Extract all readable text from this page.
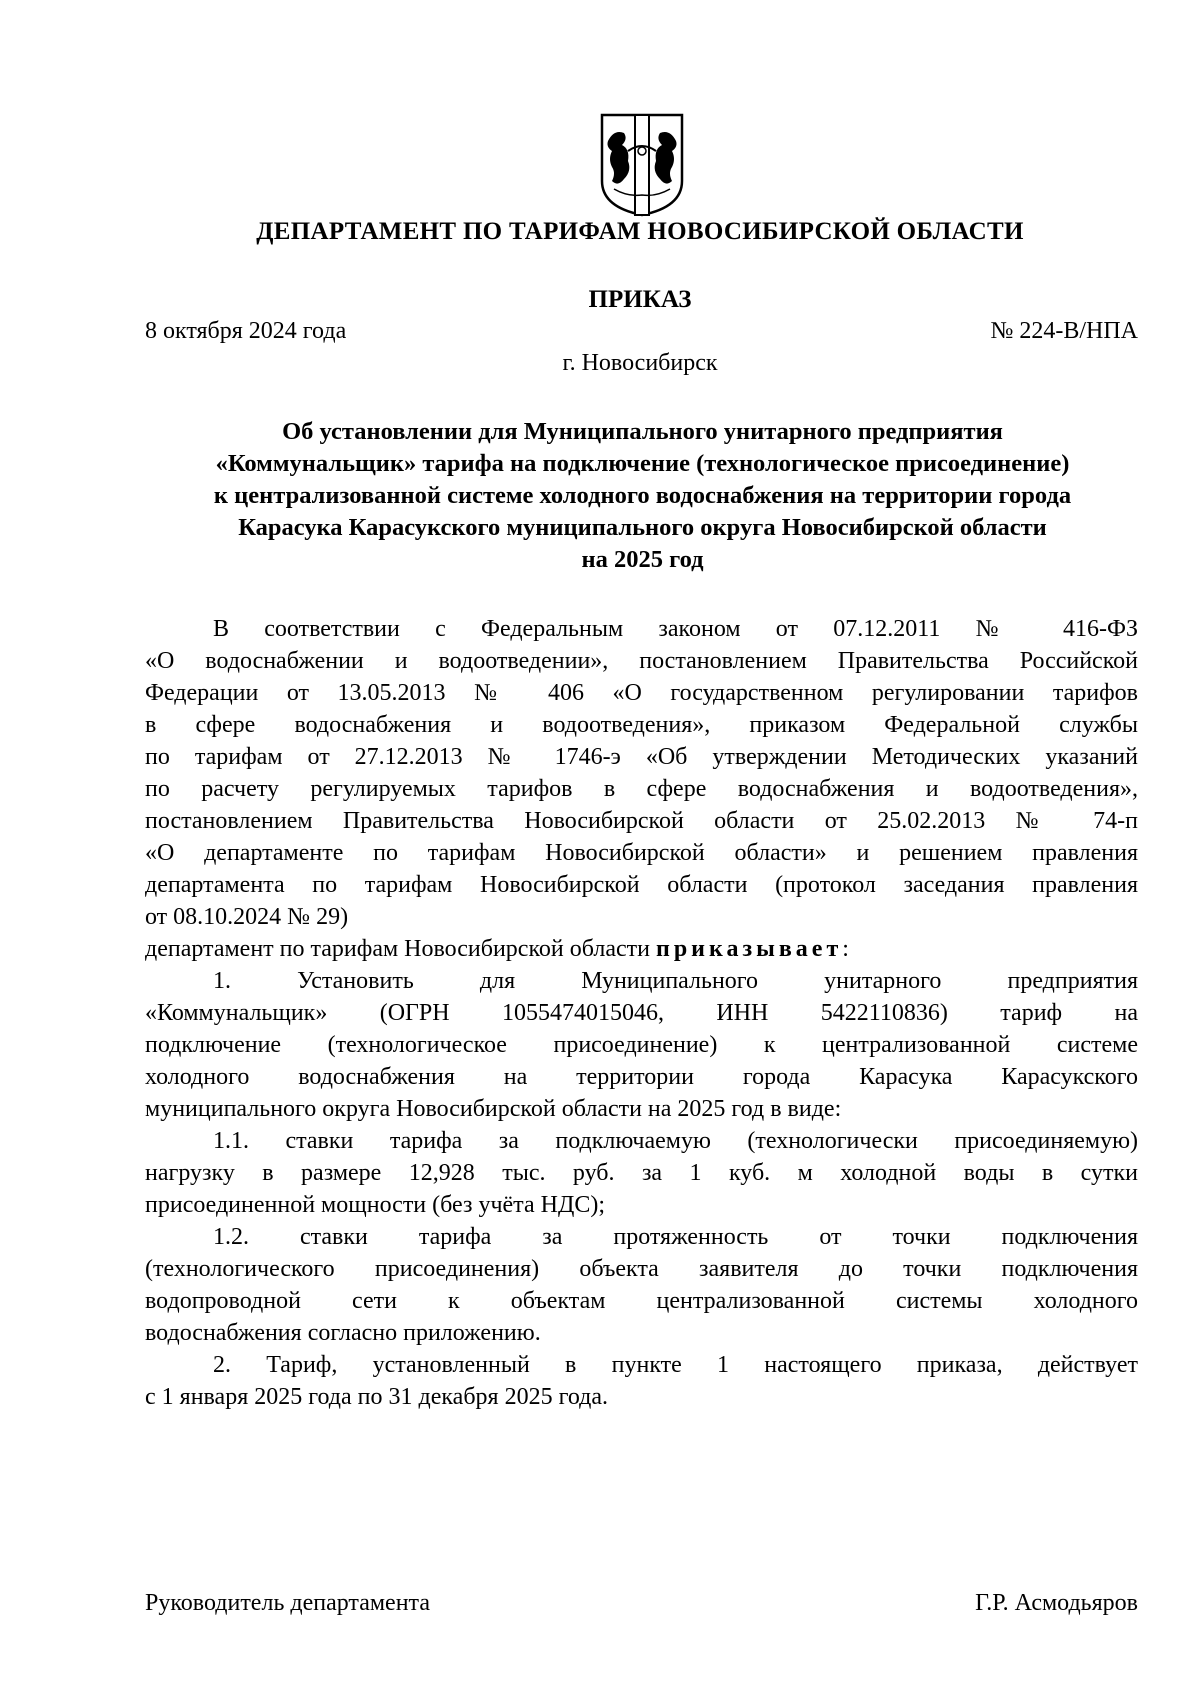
ДЕПАРТАМЕНТ ПО ТАРИФАМ НОВОСИБИРСКОЙ ОБЛАСТИ
ПРИКАЗ
8 октября 2024 года	№ 224-В/НПА
г. Новосибирск
Об установлении для Муниципального унитарного предприятия
«Коммунальщик» тарифа на подключение (технологическое присоединение)
к централизованной системе холодного водоснабжения на территории города
Карасука Карасукского муниципального округа Новосибирской области
на 2025 год
В соответствии с Федеральным законом от 07.12.2011 № 416-ФЗ
«О водоснабжении и водоотведении», постановлением Правительства Российской
Федерации от 13.05.2013 № 406 «О государственном регулировании тарифов
в сфере водоснабжения и водоотведения», приказом Федеральной службы
по тарифам от 27.12.2013 № 1746-э «Об утверждении Методических указаний
по расчету регулируемых тарифов в сфере водоснабжения и водоотведения»,
постановлением Правительства Новосибирской области от 25.02.2013 № 74-п
«О департаменте по тарифам Новосибирской области» и решением правления
департамента по тарифам Новосибирской области (протокол заседания правления
от 08.10.2024 № 29)
департамент по тарифам Новосибирской области приказывает:
1. Установить для Муниципального унитарного предприятия
«Коммунальщик» (ОГРН 1055474015046, ИНН 5422110836) тариф на
подключение (технологическое присоединение) к централизованной системе
холодного водоснабжения на территории города Карасука Карасукского
муниципального округа Новосибирской области на 2025 год в виде:
1.1. ставки тарифа за подключаемую (технологически присоединяемую)
нагрузку в размере 12,928 тыс. руб. за 1 куб. м холодной воды в сутки
присоединенной мощности (без учёта НДС);
1.2. ставки тарифа за протяженность от точки подключения
(технологического присоединения) объекта заявителя до точки подключения
водопроводной сети к объектам централизованной системы холодного
водоснабжения согласно приложению.
2. Тариф, установленный в пункте 1 настоящего приказа, действует
с 1 января 2025 года по 31 декабря 2025 года.
Руководитель департамента	Г.Р. Асмодьяров
